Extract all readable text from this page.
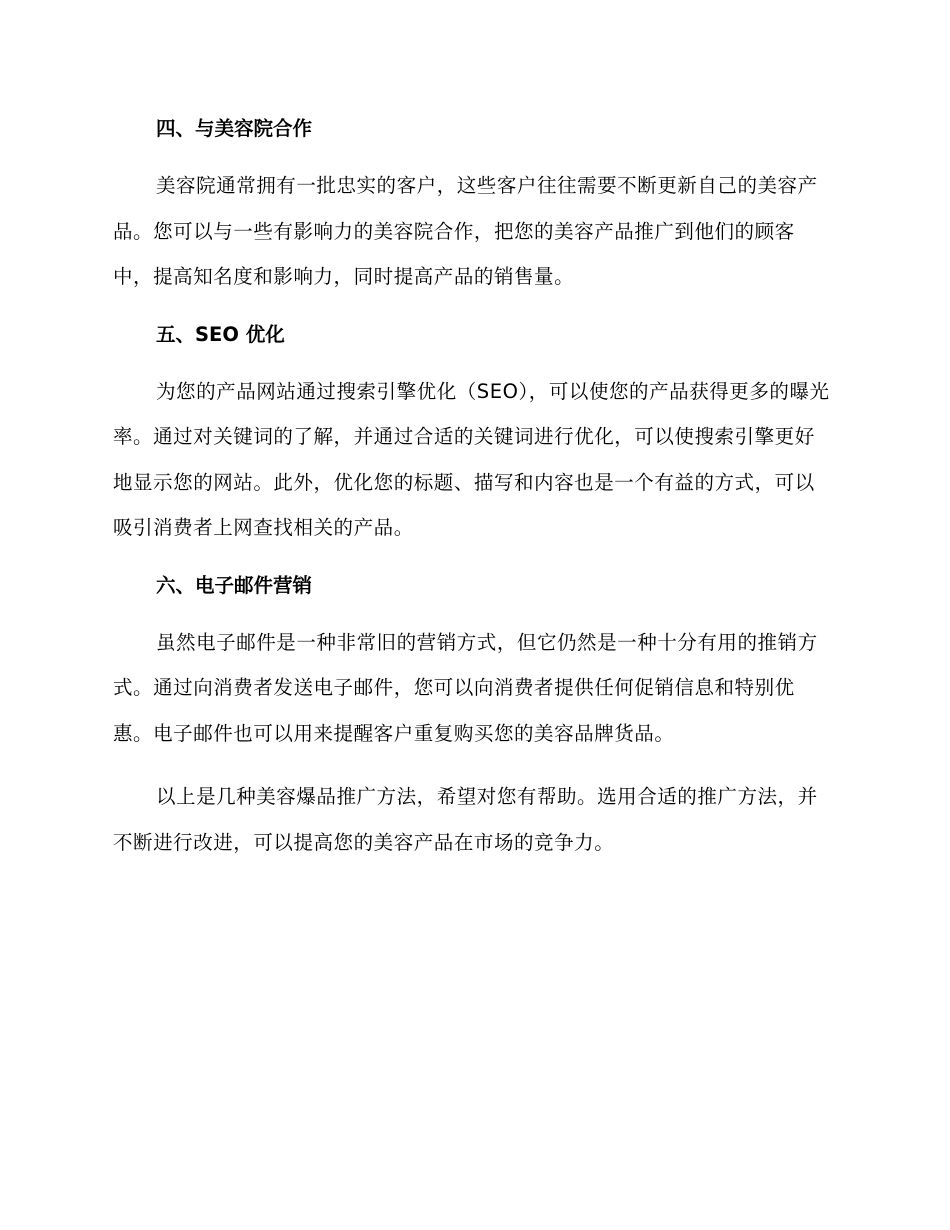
四、与美容院合作

美容院通常拥有一批忠实的客户，这些客户往往需要不断更新自己的美容产品。您可以与一些有影响力的美容院合作，把您的美容产品推广到他们的顾客中，提高知名度和影响力，同时提高产品的销售量。

五、SEO 优化

为您的产品网站通过搜索引擎优化（SEO），可以使您的产品获得更多的曝光率。通过对关键词的了解，并通过合适的关键词进行优化，可以使搜索引擎更好地显示您的网站。此外，优化您的标题、描写和内容也是一个有益的方式，可以吸引消费者上网查找相关的产品。

六、电子邮件营销

虽然电子邮件是一种非常旧的营销方式，但它仍然是一种十分有用的推销方式。通过向消费者发送电子邮件，您可以向消费者提供任何促销信息和特别优惠。电子邮件也可以用来提醒客户重复购买您的美容品牌货品。

以上是几种美容爆品推广方法，希望对您有帮助。选用合适的推广方法，并不断进行改进，可以提高您的美容产品在市场的竞争力。
